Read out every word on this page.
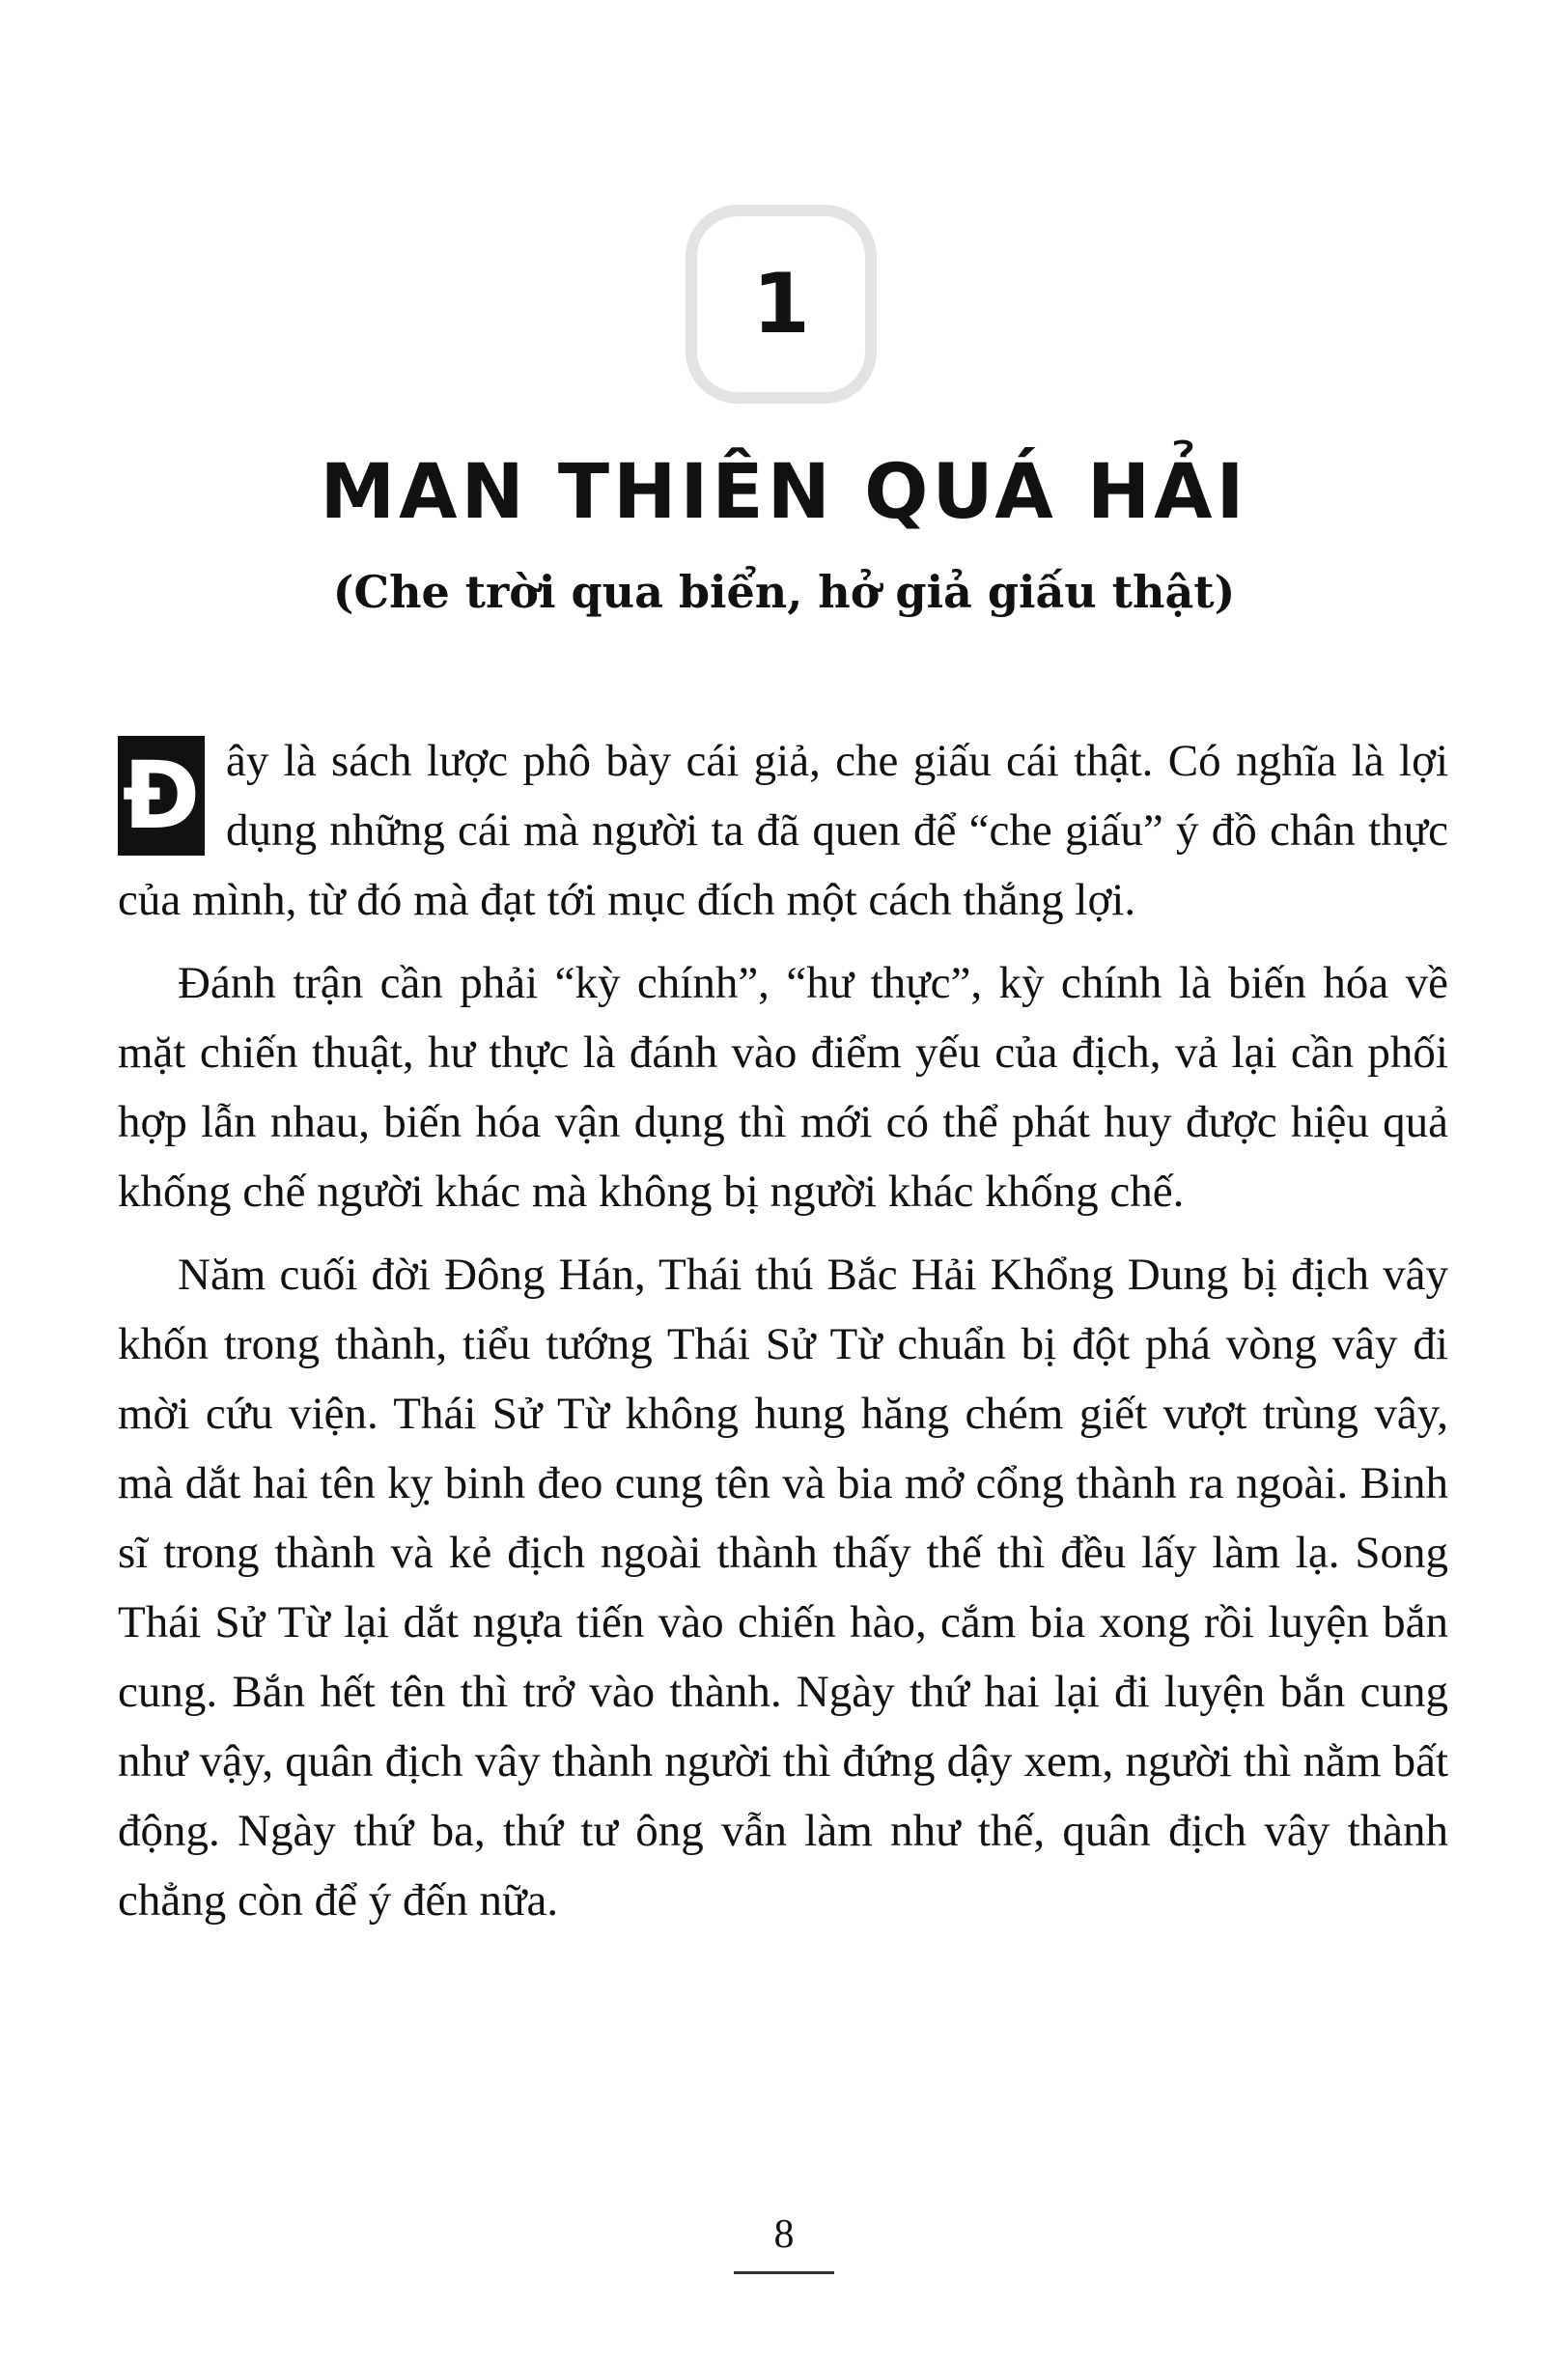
1
MAN THIÊN QUÁ HẢI
(Che trời qua biển, hở giả giấu thật)

Đ ây là sách lược phô bày cái giả, che giấu cái thật. Có nghĩa là lợi dụng những cái mà người ta đã quen để “che giấu” ý đồ chân thực của mình, từ đó mà đạt tới mục đích một cách thắng lợi.

Đánh trận cần phải “kỳ chính”, “hư thực”, kỳ chính là biến hóa về mặt chiến thuật, hư thực là đánh vào điểm yếu của địch, vả lại cần phối hợp lẫn nhau, biến hóa vận dụng thì mới có thể phát huy được hiệu quả khống chế người khác mà không bị người khác khống chế.

Năm cuối đời Đông Hán, Thái thú Bắc Hải Khổng Dung bị địch vây khốn trong thành, tiểu tướng Thái Sử Từ chuẩn bị đột phá vòng vây đi mời cứu viện. Thái Sử Từ không hung hăng chém giết vượt trùng vây, mà dắt hai tên kỵ binh đeo cung tên và bia mở cổng thành ra ngoài. Binh sĩ trong thành và kẻ địch ngoài thành thấy thế thì đều lấy làm lạ. Song Thái Sử Từ lại dắt ngựa tiến vào chiến hào, cắm bia xong rồi luyện bắn cung. Bắn hết tên thì trở vào thành. Ngày thứ hai lại đi luyện bắn cung như vậy, quân địch vây thành người thì đứng dậy xem, người thì nằm bất động. Ngày thứ ba, thứ tư ông vẫn làm như thế, quân địch vây thành chẳng còn để ý đến nữa.

8
